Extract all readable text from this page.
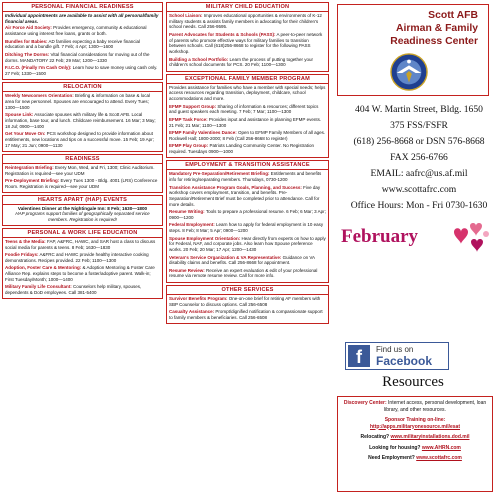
PERSONAL FINANCIAL READINESS
Individual appointments are available to assist with all personal/family financial areas.
Air Force Aid Society: Provides emergency, community & educational assistance using interest free loans, grants or both.
Bundles for Babies: AD families expecting a baby receive financial education and a bundle gift. 7 Feb; 4 Apr; 1300—1600
Ditching The Dorms: Vital financial considerations for moving out of the dorms. MANDATORY 22 Feb; 29 Mar; 1200—1330
F.I.C.O. (Finally I'm Cash Only): Learn how to save money using cash only. 27 Feb; 1330—1500
RELOCATION
Weekly Newcomers Orientation: Briefing & information on base & local area for new personnel. Spouses are encouraged to attend. Every Tues; 1300—1500
Spouse Link: Associate spouses with military life & Scott AFB. Local information, base tour, and lunch. Childcare reimbursement. 16 Mar; 3 May; 18 Jul; 0900—1400
Get Your Move On: PCS workshop designed to provide information about entitlements, new locations and tips on a successful move. 15 Feb; 19 Apr; 17 May; 21 Jun; 0900—1130
READINESS
Reintegration Briefing: Every Mon, Wed, and Fri, 1300; Clinic Auditorium. Registration is required—see your UDM
Pre-Deployment Briefing: Every Tues 1300 - Bldg. 4001 (LRS) Conference Room. Registration is required—see your UDM
HEARTS APART (HAP) EVENTS
Valentines Dinner at the Nightingale Inn: 8 Feb; 1630—1800
HAP programs support families of geographically separated service members. Registration is required!
PERSONAL & WORK LIFE EDUCATION
Teens & the Media: FAP, A&FRC, HAWC, and SAR host a class to discuss social media for parents & teens. 8 Feb; 1630—1830
Foodie Fridays: A&FRC and HAWC provide healthy interactive cooking demonstrations. Recipes provided. 22 Feb; 1100—1300
Adoption, Foster Care & Mentoring: & Adoption Mentoring & Foster Care Alliance Rep. explains steps to become a foster/adoptive parent. Walk-in; First Tuesday/Month; 1000—1400
Military Family Life Consultant: Counselors help military, spouses, dependents & DoD employees. Call 381-5400
MILITARY CHILD EDUCATION
School Liaison: Improves educational opportunities & environments of K-12 military students & assists family members in advocating for their children's school needs. Call 256-9595.
Parent Advocates for Students & Schools (PASS): A peer-to-peer network of parents who promote effective ways for military families to transition between schools. Call (618)256-8668 to register for the following PASS workshop.
Building a School Portfolio: Learn the process of putting together your children's school documents for PCS. 20 Feb; 1100—1300
EXCEPTIONAL FAMILY MEMBER PROGRAM
Provides assistance for families who have a member with special needs; helps access resources regarding transition, deployment, childcare, school accommodations and more.
EFMP Support Group: Sharing of information & resources; different topics and guest speakers each meeting. 7 Feb; 7 Mar; 1100—1300
EFMP Task Force: Provides input and assistance in planning EFMP events. 21 Feb; 21 Mar; 1100—1300
EFMP Family Valentines Dance: Open to EFMP Family Members of all ages. Rockwell Hall; 1800-2000; 8 Feb (Call 256-8668 to register)
EFMP Play Group: Patriots Landing Community Center. No Registration required. Tuesdays 0900—1000
EMPLOYMENT & TRANSITION ASSISTANCE
Mandatory Pre-Separation/Retirement Briefing: Entitlements and benefits info for retiring/separating members. Thursdays, 0730-1200
Transition Assistance Program Goals, Planning, and Success: Five day workshop covers employment, transition, and benefits. Pre-Separation/Retirement Brief must be completed prior to attendance. Call for more details.
Resume Writing: Tools to prepare a professional resume. 6 Feb; 6 Mar; 3 Apr; 0900—1200
Federal Employment: Learn how to apply for federal employment in 10 easy steps. 8 Feb; 8 Mar; 5 Apr; 0900—1200
Spouse Employment Orientation: Hear directly from experts on how to apply for Federal, NAF, and corporate jobs. Also learn how Spouse preference works. 20 Feb; 20 Mar; 17 Apr; 1200—1430
Veteran's Service Organization & VA Representative: Guidance on VA disability claims and benefits. Call 256-8668 for appointment.
Resume Review: Receive an expert evaluation & edit of your professional resume via remote resume review. Call for more info.
OTHER SERVICES
Survivor Benefits Program: One-on-one brief for retiring AF members with SBP Counselor to discuss options. Call 256-6508
Casualty Assistance: Prompt/dignified notification & compassionate support to family members & beneficiaries. Call 256-6508
Scott AFB
Airman & Family
Readiness Center
404 W. Martin Street, Bldg. 1650
375 FSS/FSFR
(618) 256-8668 or DSN 576-8668
FAX 256-6766
EMAIL: aafrc@us.af.mil
www.scottafrc.com
Office Hours: Mon - Fri 0730-1630
February
f	Find us on
Facebook
Resources
Discovery Center: Internet access, personal development, loan library, and other resources.
Sponsor Training on-line:
http://apps.militaryonesource.mil/esat
Relocating? www.militaryinstallations.dod.mil
Looking for housing? www.AHRN.com
Need Employment? www.scottafrc.com
